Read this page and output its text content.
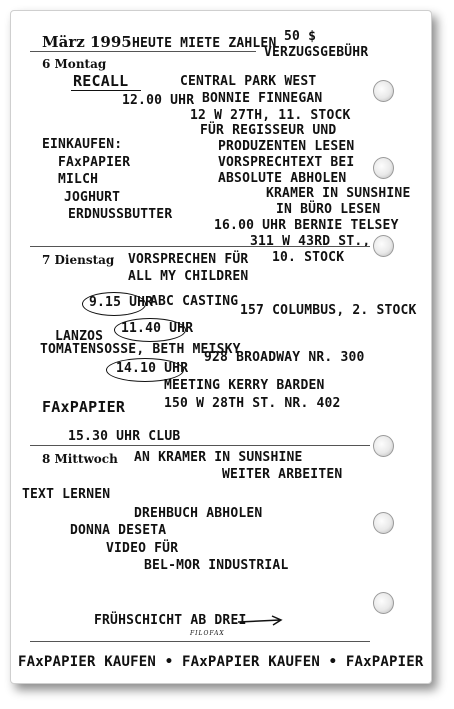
März 1995 HEUTE MIETE ZAHLEN 50 $
VERZUGSGEBÜHR
6 Montag
RECALL	CENTRAL PARK WEST
12.00 UHR BONNIE FINNEGAN
12 W 27TH, 11. STOCK
FÜR REGISSEUR UND
PRODUZENTEN LESEN
EINKAUFEN:
FAxPAPIER
MILCH
JOGHURT
ERDNUSSBUTTER
VORSPRECHTEXT BEI
ABSOLUTE ABHOLEN
KRAMER IN SUNSHINE
IN BÜRO LESEN
16.00 UHR BERNIE TELSEY
311 W 43RD ST.,
10. STOCK
7 Dienstag VORSPRECHEN FÜR
ALL MY CHILDREN
9.15 UHR
ABC CASTING
157 COLUMBUS, 2. STOCK
LANZOS
11.40 UHR
TOMATENSOSSE, BETH MEISKY
928 BROADWAY NR. 300
14.10 UHR
MEETING KERRY BARDEN
FAxPAPIER	150 W 28TH ST. NR. 402
15.30 UHR CLUB
8 Mittwoch AN KRAMER IN SUNSHINE
WEITER ARBEITEN
TEXT LERNEN
DREHBUCH ABHOLEN
DONNA DESETA
VIDEO FÜR
BEL-MOR INDUSTRIAL
FRÜHSCHICHT AB DREI
FILOFAX
FAxPAPIER KAUFEN • FAxPAPIER KAUFEN • FAxPAPIER
